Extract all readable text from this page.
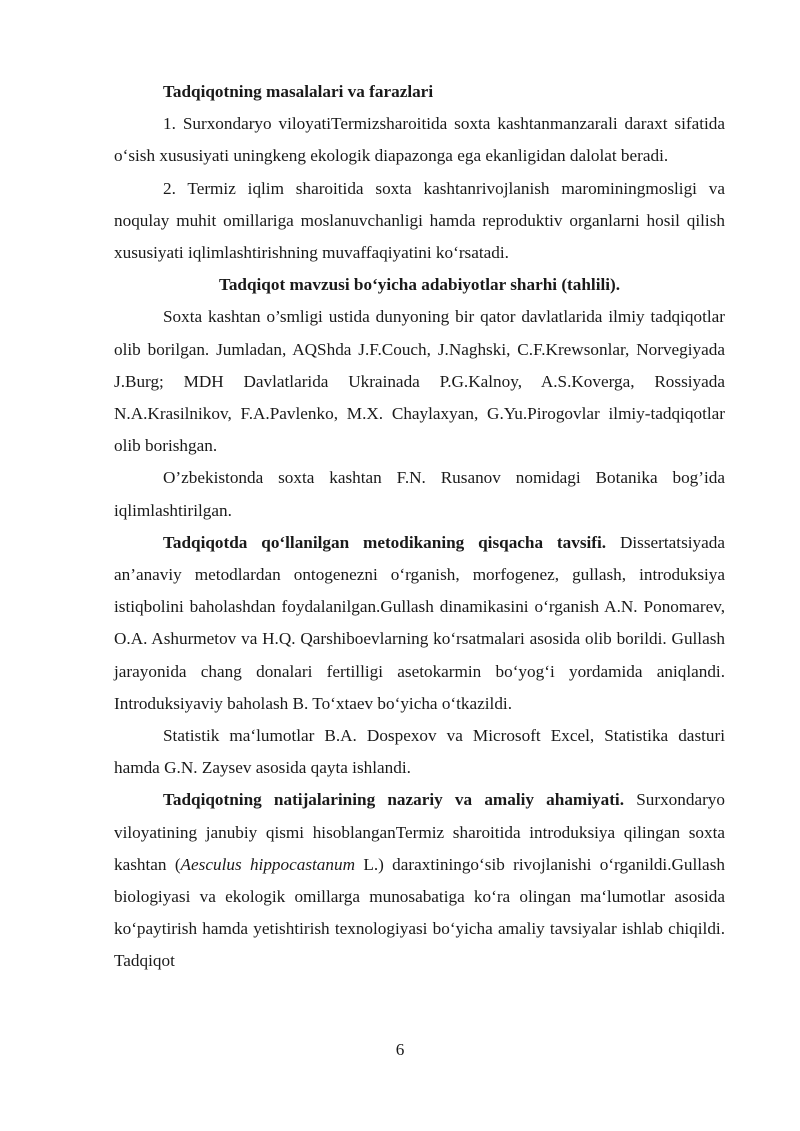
Tadqiqotning masalalari va farazlari

1. Surxondaryo viloyatiTermizsharoitida soxta kashtanmanzarali daraxt sifatida o‘sish xususiyati uningkeng ekologik diapazonga ega ekanligidan dalolat beradi.

2. Termiz iqlim sharoitida soxta kashtanrivojlanish marominingmosligi va noqulay muhit omillariga moslanuvchanligi hamda reproduktiv organlarni hosil qilish xususiyati iqlimlashtirishning muvaffaqiyatini ko‘rsatadi.

Tadqiqot mavzusi bo‘yicha adabiyotlar sharhi (tahlili).

Soxta kashtan o’smligi ustida dunyoning bir qator davlatlarida ilmiy tadqiqotlar olib borilgan. Jumladan, AQShda J.F.Couch, J.Naghski, C.F.Krewsonlar, Norvegiyada J.Burg; MDH Davlatlarida Ukrainada P.G.Kalnoy, A.S.Koverga, Rossiyada N.A.Krasilnikov, F.A.Pavlenko, M.X. Chaylaxyan, G.Yu.Pirogovlar ilmiy-tadqiqotlar olib borishgan.

O’zbekistonda soxta kashtan F.N. Rusanov nomidagi Botanika bog’ida iqlimlashtirilgan.

Tadqiqotda qo‘llanilgan metodikaning qisqacha tavsifi. Dissertatsiyada an’anaviy metodlardan ontogenezni o‘rganish, morfogenez, gullash, introduksiya istiqbolini baholashdan foydalanilgan.Gullash dinamikasini o‘rganish A.N. Ponomarev, O.A. Ashurmetov va H.Q. Qarshiboevlarning ko‘rsatmalari asosida olib borildi. Gullash jarayonida chang donalari fertilligi asetokarmin bo‘yog‘i yordamida aniqlandi. Introduksiyaviy baholash B. To‘xtaev bo‘yicha o‘tkazildi.

Statistik ma‘lumotlar B.A. Dospexov va Microsoft Excel, Statistika dasturi hamda G.N. Zaysev asosida qayta ishlandi.

Tadqiqotning natijalarining nazariy va amaliy ahamiyati. Surxondaryo viloyatining janubiy qismi hisoblanganTermiz sharoitida introduksiya qilingan soxta kashtan (Aesculus hippocastanum L.) daraxtiningo‘sib rivojlanishi o‘rganildi.Gullash biologiyasi va ekologik omillarga munosabatiga ko‘ra olingan ma‘lumotlar asosida ko‘paytirish hamda yetishtirish texnologiyasi bo‘yicha amaliy tavsiyalar ishlab chiqildi. Tadqiqot

6
